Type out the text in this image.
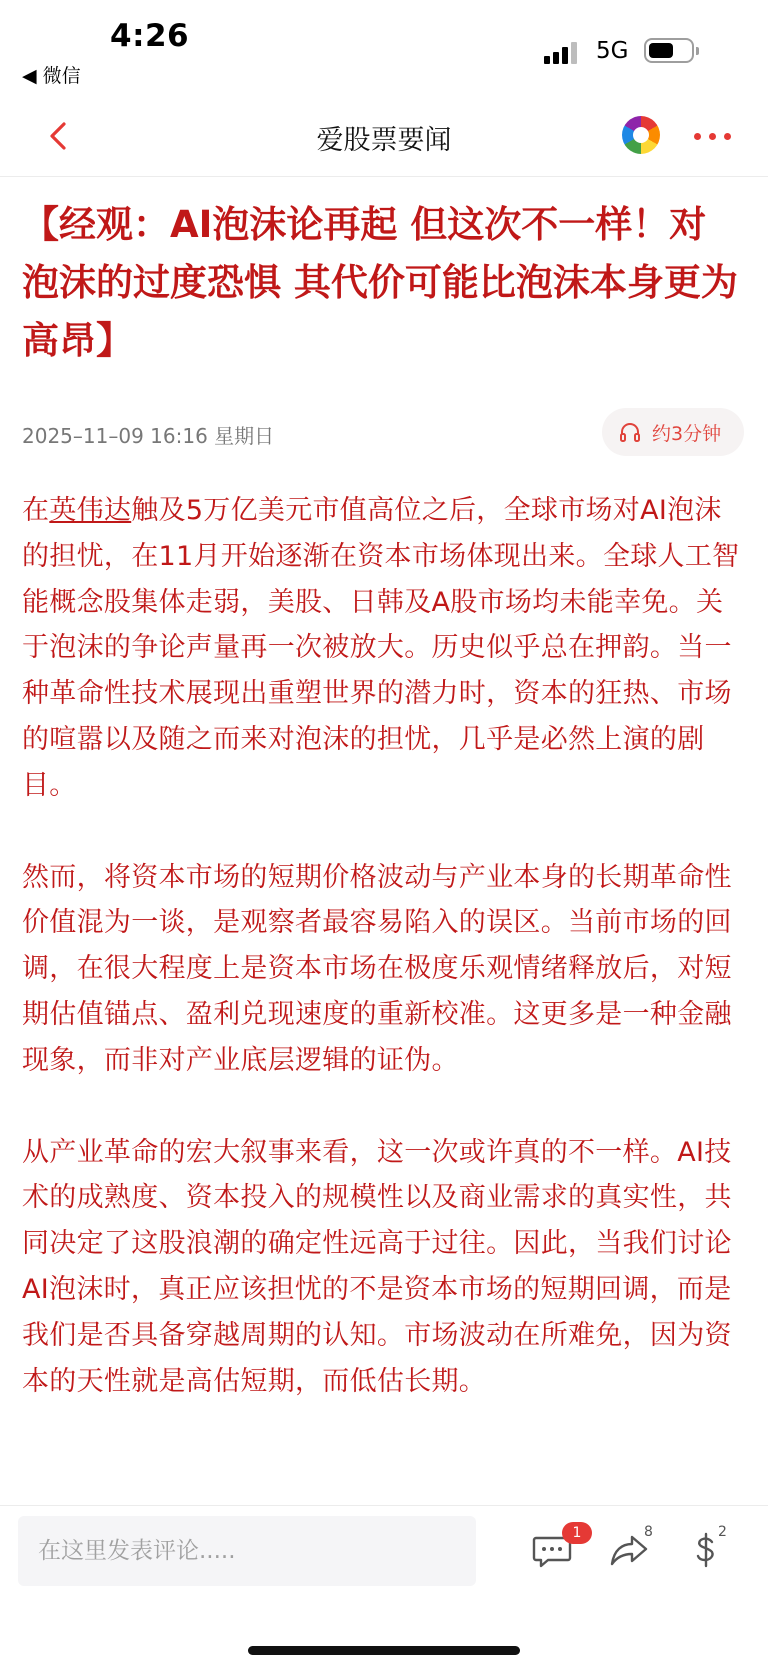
4:26
◀ 微信
5G
爱股票要闻
【经观：AI泡沫论再起 但这次不一样！对泡沫的过度恐惧 其代价可能比泡沫本身更为高昂】
2025–11–09 16:16 星期日	约3分钟

在英伟达触及5万亿美元市值高位之后，全球市场对AI泡沫的担忧，在11月开始逐渐在资本市场体现出来。全球人工智能概念股集体走弱，美股、日韩及A股市场均未能幸免。关于泡沫的争论声量再一次被放大。历史似乎总在押韵。当一种革命性技术展现出重塑世界的潜力时，资本的狂热、市场的喧嚣以及随之而来对泡沫的担忧，几乎是必然上演的剧目。

然而，将资本市场的短期价格波动与产业本身的长期革命性价值混为一谈，是观察者最容易陷入的误区。当前市场的回调，在很大程度上是资本市场在极度乐观情绪释放后，对短期估值锚点、盈利兑现速度的重新校准。这更多是一种金融现象，而非对产业底层逻辑的证伪。

从产业革命的宏大叙事来看，这一次或许真的不一样。AI技术的成熟度、资本投入的规模性以及商业需求的真实性，共同决定了这股浪潮的确定性远高于过往。因此，当我们讨论AI泡沫时，真正应该担忧的不是资本市场的短期回调，而是我们是否具备穿越周期的认知。市场波动在所难免，因为资本的天性就是高估短期，而低估长期。

在这里发表评论.....
1	8	2
